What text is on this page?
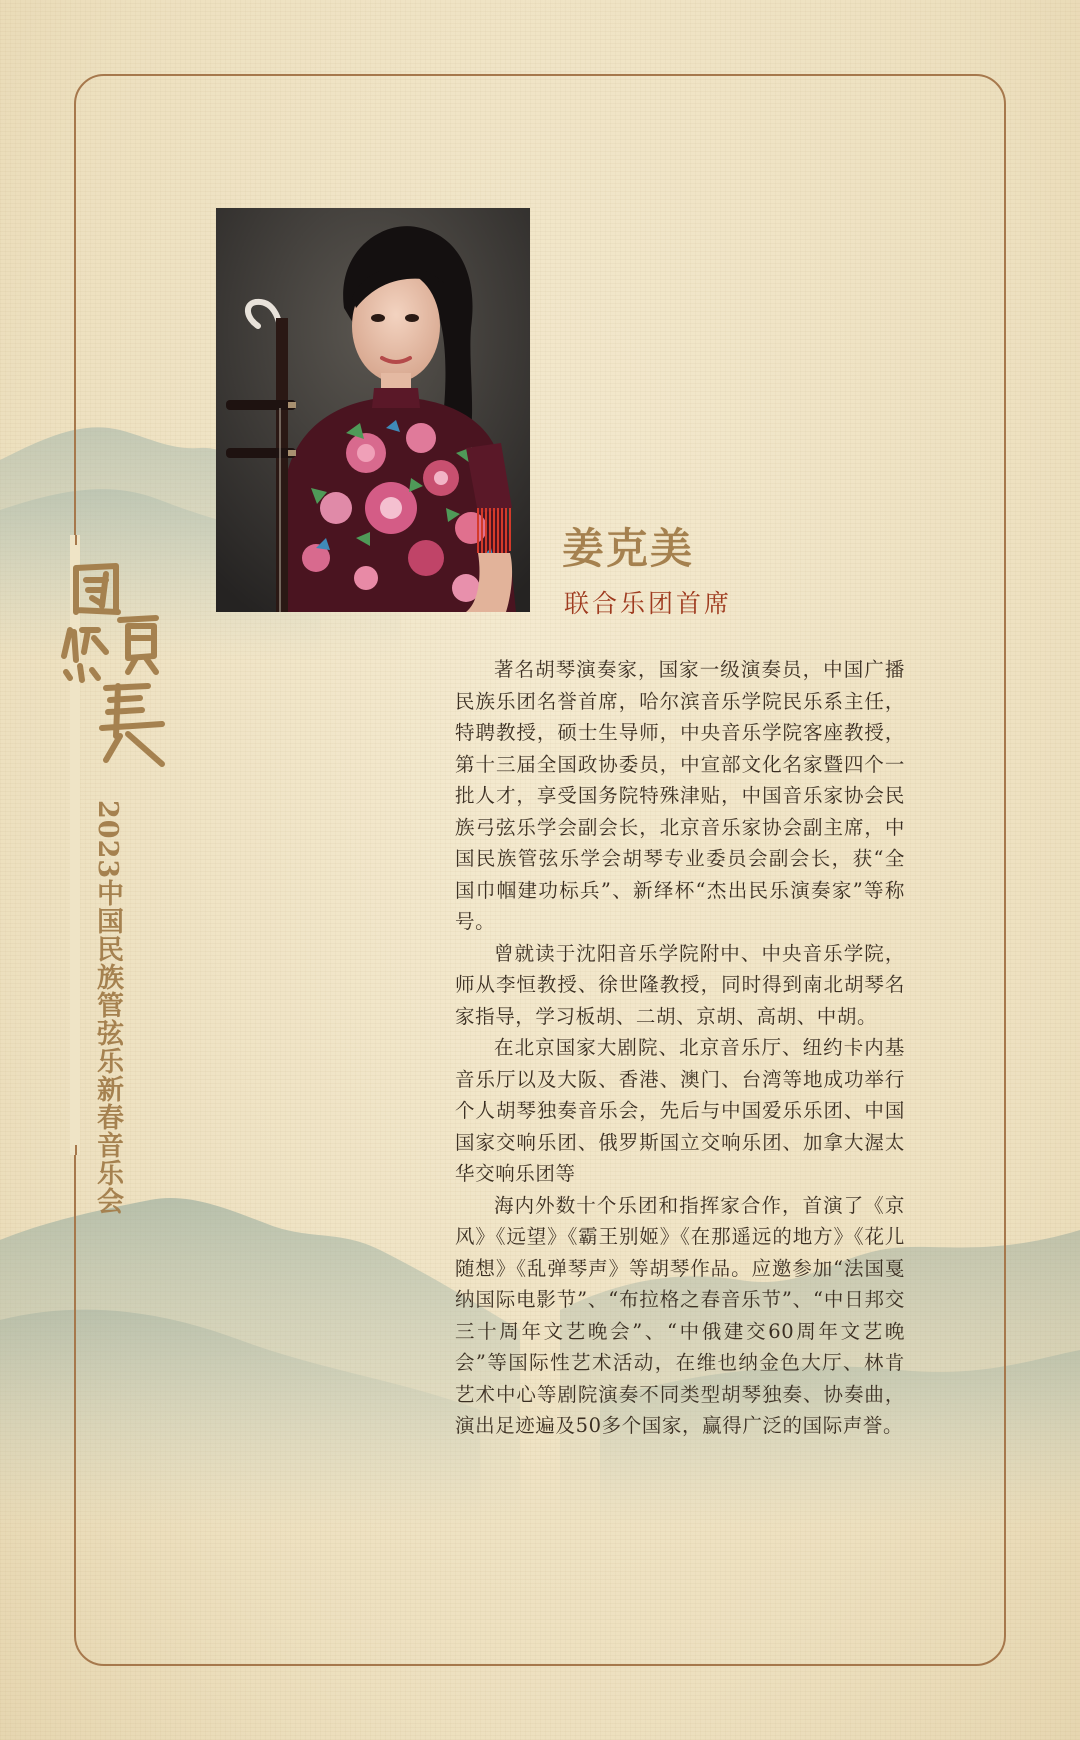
2023中国民族管弦乐新春音乐会
姜克美
联合乐团首席

著名胡琴演奏家，国家一级演奏员，中国广播民族乐团名誉首席，哈尔滨音乐学院民乐系主任，特聘教授，硕士生导师，中央音乐学院客座教授，第十三届全国政协委员，中宣部文化名家暨四个一批人才，享受国务院特殊津贴，中国音乐家协会民族弓弦乐学会副会长，北京音乐家协会副主席，中国民族管弦乐学会胡琴专业委员会副会长，获“全国巾帼建功标兵”、新绎杯“杰出民乐演奏家”等称号。

曾就读于沈阳音乐学院附中、中央音乐学院，师从李恒教授、徐世隆教授，同时得到南北胡琴名家指导，学习板胡、二胡、京胡、高胡、中胡。

在北京国家大剧院、北京音乐厅、纽约卡内基音乐厅以及大阪、香港、澳门、台湾等地成功举行个人胡琴独奏音乐会，先后与中国爱乐乐团、中国国家交响乐团、俄罗斯国立交响乐团、加拿大渥太华交响乐团等

海内外数十个乐团和指挥家合作，首演了《京风》《远望》《霸王别姬》《在那遥远的地方》《花儿随想》《乱弹琴声》等胡琴作品。应邀参加“法国戛纳国际电影节”、“布拉格之春音乐节”、“中日邦交三十周年文艺晚会”、“中俄建交60周年文艺晚会”等国际性艺术活动，在维也纳金色大厅、林肯艺术中心等剧院演奏不同类型胡琴独奏、协奏曲，演出足迹遍及50多个国家，赢得广泛的国际声誉。
